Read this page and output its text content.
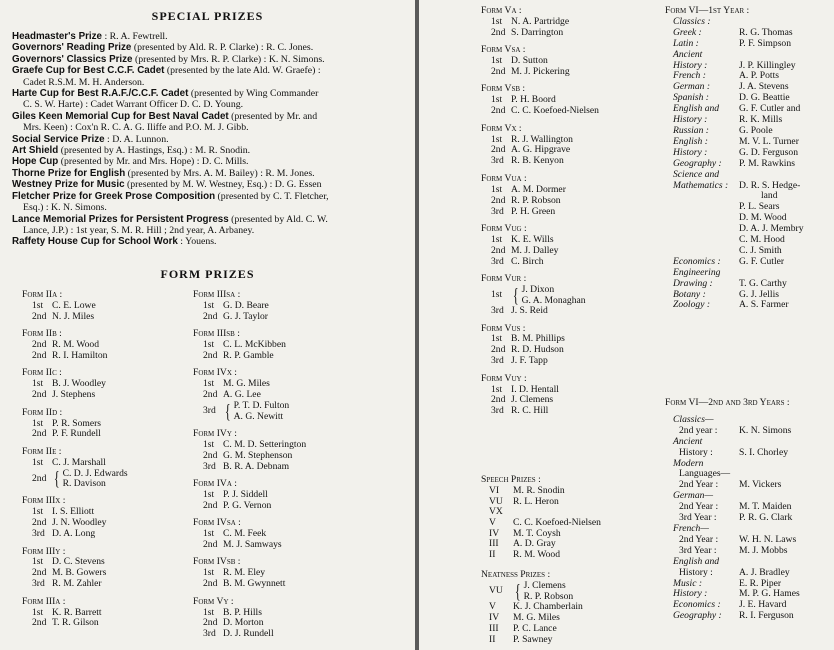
SPECIAL PRIZES
Headmaster's Prize : R. A. Fewtrell.
Governors' Reading Prize (presented by Ald. R. P. Clarke) : R. C. Jones.
Governors' Classics Prize (presented by Mrs. R. P. Clarke) : K. N. Simons.
Graefe Cup for Best C.C.F. Cadet (presented by the late Ald. W. Graefe) :
Cadet R.S.M. M. H. Anderson.
Harte Cup for Best R.A.F./C.C.F. Cadet (presented by Wing Commander
C. S. W. Harte) : Cadet Warrant Officer D. C. D. Young.
Giles Keen Memorial Cup for Best Naval Cadet (presented by Mr. and
Mrs. Keen) : Cox'n R. C. A. G. Iliffe and P.O. M. J. Gibb.
Social Service Prize : D. A. Lunnon.
Art Shield (presented by A. Hastings, Esq.) : M. R. Snodin.
Hope Cup (presented by Mr. and Mrs. Hope) : D. C. Mills.
Thorne Prize for English (presented by Mrs. A. M. Bailey) : R. M. Jones.
Westney Prize for Music (presented by M. W. Westney, Esq.) : D. G. Essen
Fletcher Prize for Greek Prose Composition (presented by C. T. Fletcher,
Esq.) : K. N. Simons.
Lance Memorial Prizes for Persistent Progress (presented by Ald. C. W.
Lance, J.P.) : 1st year, S. M. R. Hill ; 2nd year, A. Arbaney.
Raffety House Cup for School Work : Youens.
FORM PRIZES
Form IIa :
1st C. E. Lowe
2nd N. J. Miles
Form IIb :
2nd R. M. Wood
2nd R. I. Hamilton
Form IIc :
1st B. J. Woodley
2nd J. Stephens
Form IId :
1st P. R. Somers
2nd P. F. Rundell
Form IIe :
1st C. J. Marshall
2nd { C. D. J. Edwards
R. Davison
Form IIIx :
1st I. S. Elliott
2nd J. N. Woodley
3rd D. A. Long
Form IIIy :
1st D. C. Stevens
2nd M. B. Gowers
3rd R. M. Zahler
Form IIIa :
1st K. R. Barrett
2nd T. R. Gilson
Form IIIsa :
1st G. D. Beare
2nd G. J. Taylor
Form IIIsb :
1st C. L. McKibben
2nd R. P. Gamble
Form IVx :
1st M. G. Miles
2nd A. G. Lee
3rd { P. T. D. Fulton
A. G. Newitt
Form IVy :
1st C. M. D. Setterington
2nd G. M. Stephenson
3rd B. R. A. Debnam
Form IVa :
1st P. J. Siddell
2nd P. G. Vernon
Form IVsa :
1st C. M. Feek
2nd M. J. Samways
Form IVsb :
1st R. M. Eley
2nd B. M. Gwynnett
Form Vy :
1st B. P. Hills
2nd D. Morton
3rd D. J. Rundell
Form Va :
1st N. A. Partridge
2nd S. Darrington
Form Vsa :
1st D. Sutton
2nd M. J. Pickering
Form Vsb :
1st P. H. Boord
2nd C. C. Koefoed-Nielsen
Form Vx :
1st R. J. Wallington
2nd A. G. Hipgrave
3rd R. B. Kenyon
Form Vua :
1st A. M. Dormer
2nd R. P. Robson
3rd P. H. Green
Form Vug :
1st K. E. Wills
2nd M. J. Dalley
3rd C. Birch
Form Vur :
1st { J. Dixon
G. A. Monaghan
3rd J. S. Reid
Form Vus :
1st B. M. Phillips
2nd R. D. Hudson
3rd J. F. Tapp
Form Vuy :
1st I. D. Hentall
2nd J. Clemens
3rd R. C. Hill
Speech Prizes :
VI	M. R. Snodin
VU	R. L. Heron
VX
V	C. C. Koefoed-Nielsen
IV	M. T. Coysh
III	A. D. Gray
II	R. M. Wood
Neatness Prizes :
VU { J. Clemens
R. P. Robson
V	K. J. Chamberlain
IV	M. G. Miles
III	P. C. Lance
II	P. Sawney
Form VI—1st Year :
Classics :
Greek :	R. G. Thomas
Latin :	P. F. Simpson
Ancient
History :	J. P. Killingley
French :	A. P. Potts
German :	J. A. Stevens
Spanish :	D. G. Beattie
English and	G. F. Cutler and
History :	R. K. Mills
Russian :	G. Poole
English :	M. V. L. Turner
History :	G. D. Ferguson
Geography :	P. M. Rawkins
Science and
Mathematics :	D. R. S. Hedge-
land
P. L. Sears
D. M. Wood
D. A. J. Membry
C. M. Hood
C. J. Smith
Economics :	G. F. Cutler
Engineering
Drawing :	T. G. Carthy
Botany :	G. J. Jellis
Zoology :	A. S. Farmer
Form VI—2nd and 3rd Years :
Classics—
2nd year :	K. N. Simons
Ancient
History :	S. I. Chorley
Modern
Languages—
2nd Year :	M. Vickers
German—
2nd Year :	M. T. Maiden
3rd Year :	P. R. G. Clark
French—
2nd Year :	W. H. N. Laws
3rd Year :	M. J. Mobbs
English and
History :	A. J. Bradley
Music :	E. R. Piper
History :	M. P. G. Hames
Economics :	J. E. Havard
Geography :	R. I. Ferguson
